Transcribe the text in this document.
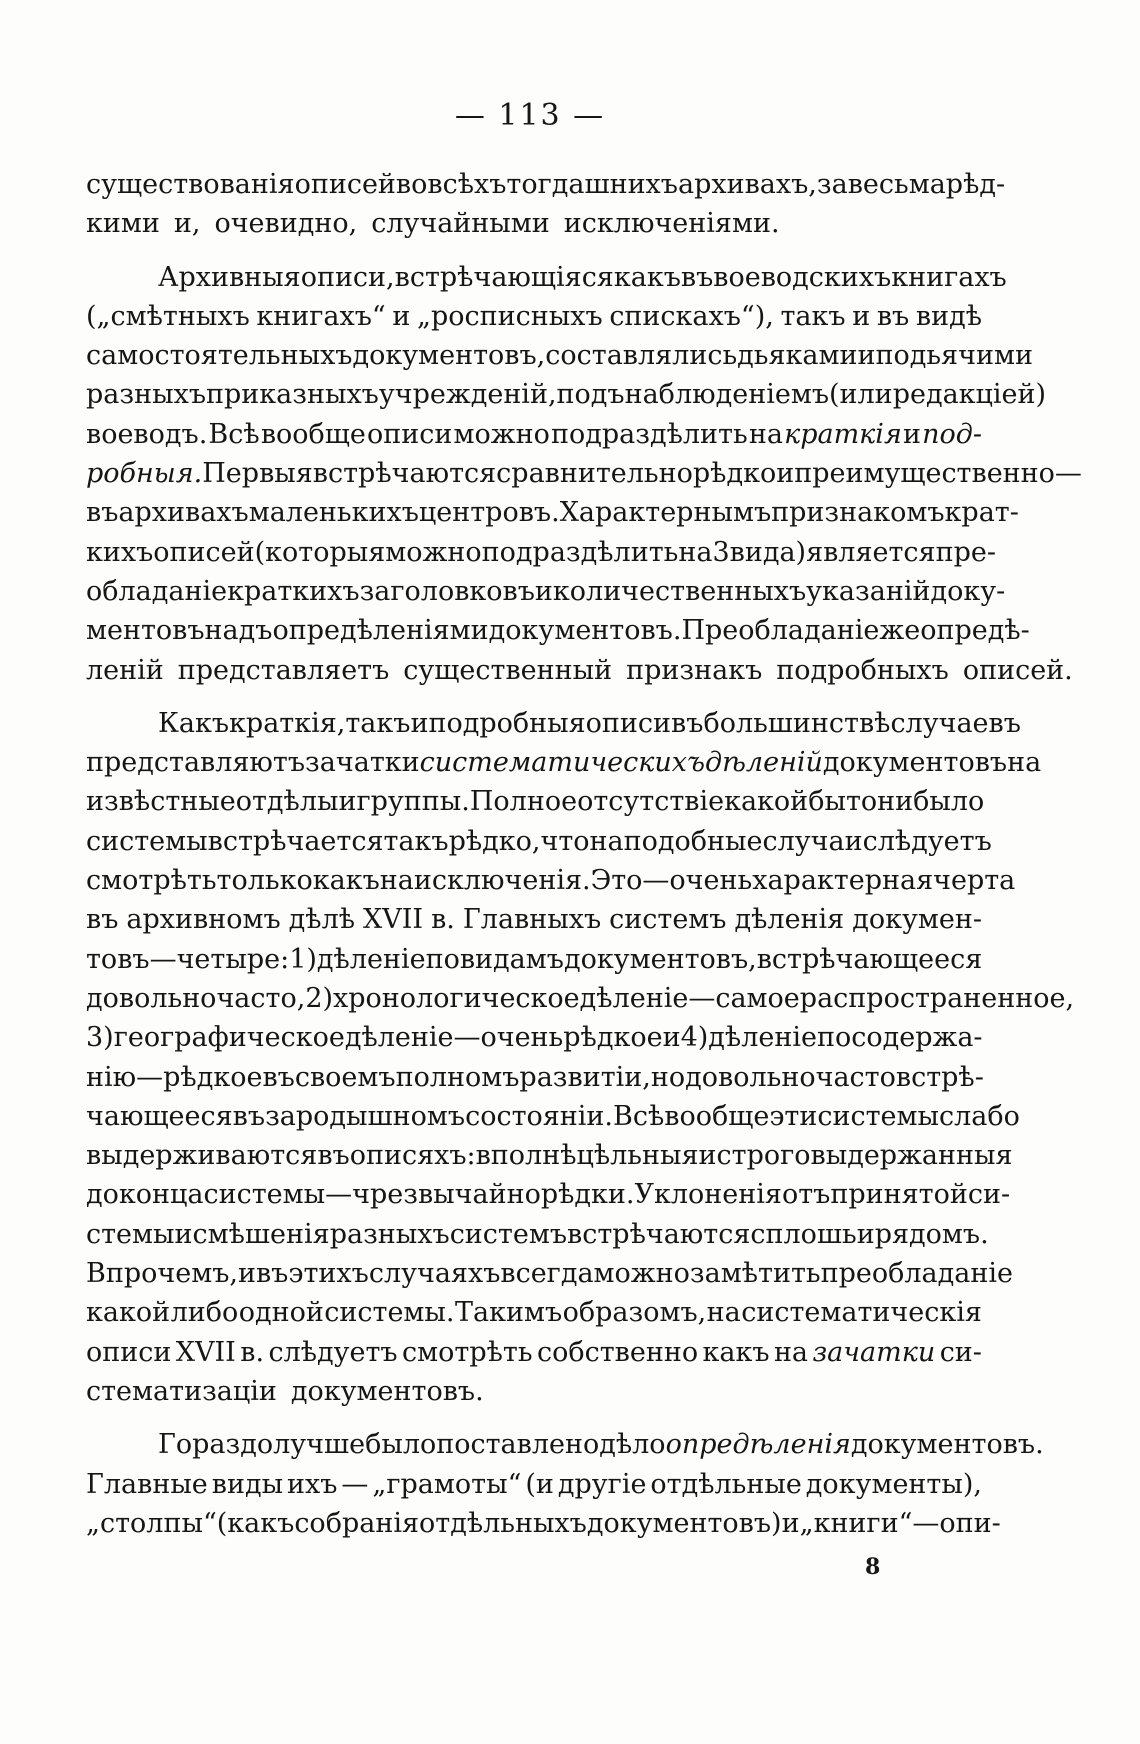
— 113 —
существованія описей во всѣхъ тогдашнихъ архивахъ, за весьма рѣд-
кими и, очевидно, случайными исключеніями.
Архивныя описи, встрѣчающіяся какъ въ воеводскихъ книгахъ
(„смѣтныхъ книгахъ“ и „росписныхъ спискахъ“), такъ и въ видѣ
самостоятельныхъ документовъ, составлялись дьяками и подьячими
разныхъ приказныхъ учрежденій, подъ наблюденіемъ (или редакціей)
воеводъ. Всѣ вообще описи можно подраздѣлить на краткія и под-
робныя. Первыя встрѣчаются сравнительно рѣдко и преимущественно—
въ архивахъ маленькихъ центровъ. Характернымъ признакомъ крат-
кихъ описей (которыя можно подраздѣлить на 3 вида) является пре-
обладаніе краткихъ заголовковъ и количественныхъ указаній доку-
ментовъ надъ опредѣленіями документовъ. Преобладаніе же опредѣ-
леній представляетъ существенный признакъ подробныхъ описей.
Какъ краткія, такъ и подробныя описи въ большинствѣ случаевъ
представляютъ зачатки систематическихъ дѣленій документовъ на
извѣстные отдѣлы и группы. Полное отсутствіе какой бы то ни было
системы встрѣчается такъ рѣдко, что на подобные случаи слѣдуетъ
смотрѣть только какъ на исключенія. Это—очень характерная черта
въ архивномъ дѣлѣ XVII в. Главныхъ системъ дѣленія докумен-
товъ — четыре: 1) дѣленіе по видамъ документовъ, встрѣчающееся
довольно часто, 2) хронологическое дѣленіе—самое распространенное,
3) географическое дѣленіе—очень рѣдкое и 4) дѣленіе по содержа-
нію—рѣдкое въ своемъ полномъ развитіи, но довольно часто встрѣ-
чающееся въ зародышномъ состояніи. Всѣ вообще эти системы слабо
выдерживаются въ описяхъ: вполнѣ цѣльныя и строго выдержанныя
до конца системы—чрезвычайно рѣдки. Уклоненія отъ принятой си-
стемы и смѣшенія разныхъ системъ встрѣчаются сплошь и рядомъ.
Впрочемъ, и въ этихъ случаяхъ всегда можно замѣтить преобладаніе
какой либо одной системы. Такимъ образомъ, на систематическія
описи XVII в. слѣдуетъ смотрѣть собственно какъ на зачатки си-
стематизаціи документовъ.
Гораздо лучше было поставлено дѣло опредѣленія документовъ.
Главные виды ихъ — „грамоты“ (и другіе отдѣльные документы),
„столпы“ (какъ собранія отдѣльныхъ документовъ) и „книги“ — опи-
8
